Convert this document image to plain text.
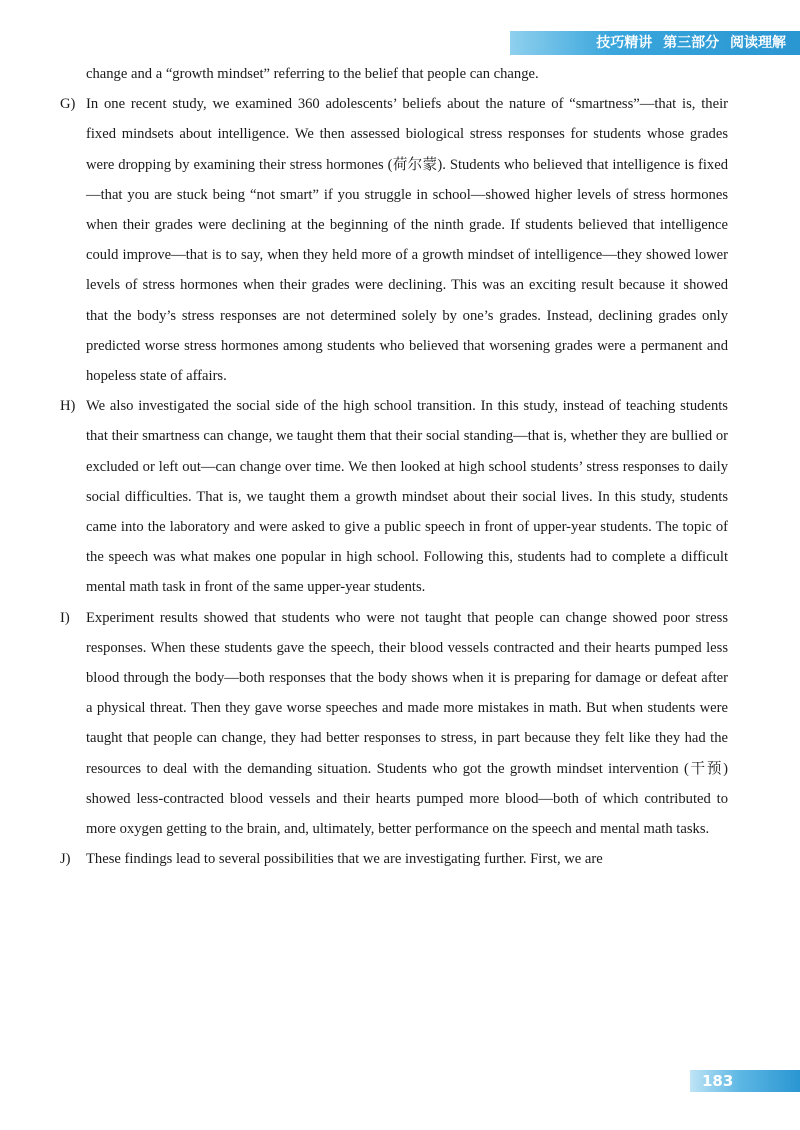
技巧精讲 第三部分 阅读理解

change and a “growth mindset” referring to the belief that people can change.

G) In one recent study, we examined 360 adolescents’ beliefs about the nature of “smartness”—that is, their fixed mindsets about intelligence. We then assessed biological stress responses for students whose grades were dropping by examining their stress hormones (荷尔蒙). Students who believed that intelligence is fixed—that you are stuck being “not smart” if you struggle in school—showed higher levels of stress hormones when their grades were declining at the beginning of the ninth grade. If students believed that intelligence could improve—that is to say, when they held more of a growth mindset of intelligence—they showed lower levels of stress hormones when their grades were declining. This was an exciting result because it showed that the body’s stress responses are not determined solely by one’s grades. Instead, declining grades only predicted worse stress hormones among students who believed that worsening grades were a permanent and hopeless state of affairs.

H) We also investigated the social side of the high school transition. In this study, instead of teaching students that their smartness can change, we taught them that their social standing—that is, whether they are bullied or excluded or left out—can change over time. We then looked at high school students’ stress responses to daily social difficulties. That is, we taught them a growth mindset about their social lives. In this study, students came into the laboratory and were asked to give a public speech in front of upper-year students. The topic of the speech was what makes one popular in high school. Following this, students had to complete a difficult mental math task in front of the same upper-year students.

I) Experiment results showed that students who were not taught that people can change showed poor stress responses. When these students gave the speech, their blood vessels contracted and their hearts pumped less blood through the body—both responses that the body shows when it is preparing for damage or defeat after a physical threat. Then they gave worse speeches and made more mistakes in math. But when students were taught that people can change, they had better responses to stress, in part because they felt like they had the resources to deal with the demanding situation. Students who got the growth mindset intervention (干预) showed less-contracted blood vessels and their hearts pumped more blood—both of which contributed to more oxygen getting to the brain, and, ultimately, better performance on the speech and mental math tasks.

J) These findings lead to several possibilities that we are investigating further. First, we are

183
